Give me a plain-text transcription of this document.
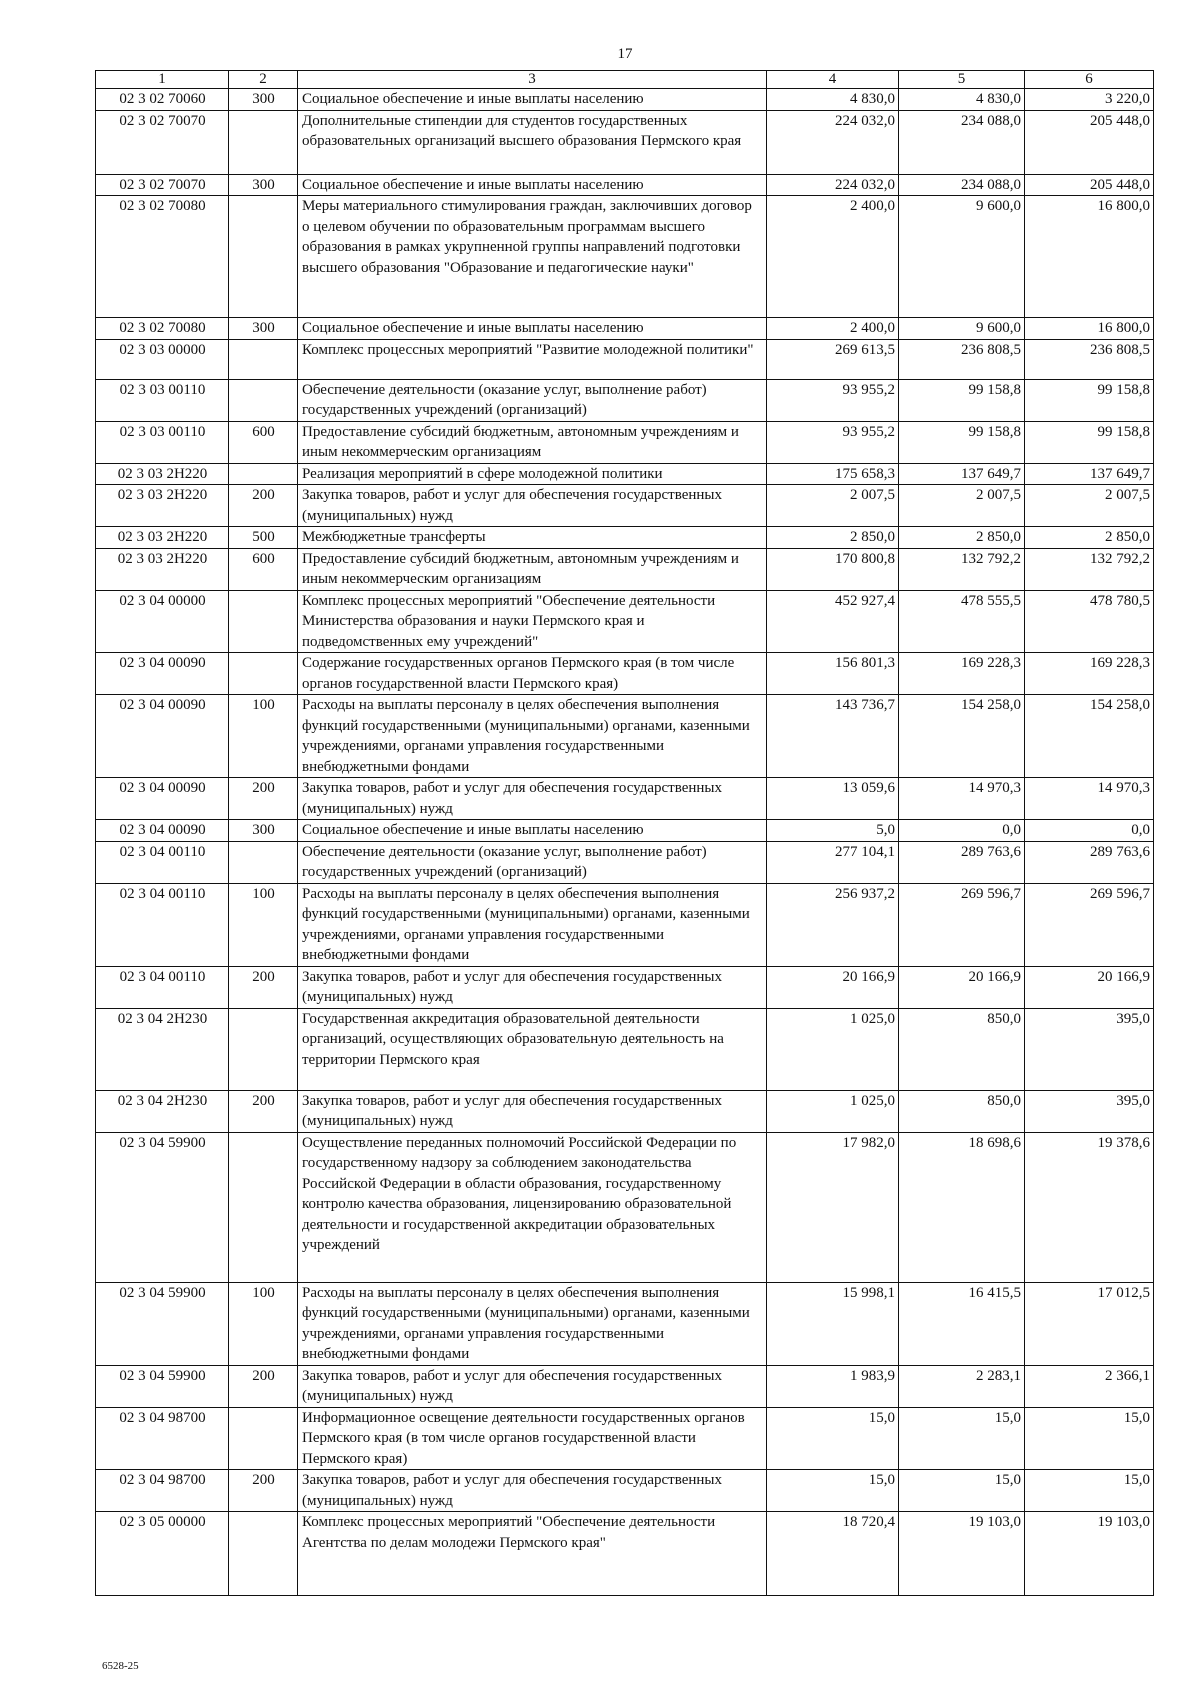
17
1	2	3	4	5	6
02 3 02 70060	300	Социальное обеспечение и иные выплаты населению	4 830,0	4 830,0	3 220,0
02 3 02 70070		Дополнительные стипендии для студентов государственных образовательных организаций высшего образования Пермского края	224 032,0	234 088,0	205 448,0
02 3 02 70070	300	Социальное обеспечение и иные выплаты населению	224 032,0	234 088,0	205 448,0
02 3 02 70080		Меры материального стимулирования граждан, заключивших договор о целевом обучении по образовательным программам высшего образования в рамках укрупненной группы направлений подготовки высшего образования "Образование и педагогические науки"	2 400,0	9 600,0	16 800,0
02 3 02 70080	300	Социальное обеспечение и иные выплаты населению	2 400,0	9 600,0	16 800,0
02 3 03 00000		Комплекс процессных мероприятий "Развитие молодежной политики"	269 613,5	236 808,5	236 808,5
02 3 03 00110		Обеспечение деятельности (оказание услуг, выполнение работ) государственных учреждений (организаций)	93 955,2	99 158,8	99 158,8
02 3 03 00110	600	Предоставление субсидий бюджетным, автономным учреждениям и иным некоммерческим организациям	93 955,2	99 158,8	99 158,8
02 3 03 2Н220		Реализация мероприятий в сфере молодежной политики	175 658,3	137 649,7	137 649,7
02 3 03 2Н220	200	Закупка товаров, работ и услуг для обеспечения государственных (муниципальных) нужд	2 007,5	2 007,5	2 007,5
02 3 03 2Н220	500	Межбюджетные трансферты	2 850,0	2 850,0	2 850,0
02 3 03 2Н220	600	Предоставление субсидий бюджетным, автономным учреждениям и иным некоммерческим организациям	170 800,8	132 792,2	132 792,2
02 3 04 00000		Комплекс процессных мероприятий "Обеспечение деятельности Министерства образования и науки Пермского края и подведомственных ему учреждений"	452 927,4	478 555,5	478 780,5
02 3 04 00090		Содержание государственных органов Пермского края (в том числе органов государственной власти Пермского края)	156 801,3	169 228,3	169 228,3
02 3 04 00090	100	Расходы на выплаты персоналу в целях обеспечения выполнения функций государственными (муниципальными) органами, казенными учреждениями, органами управления государственными внебюджетными фондами	143 736,7	154 258,0	154 258,0
02 3 04 00090	200	Закупка товаров, работ и услуг для обеспечения государственных (муниципальных) нужд	13 059,6	14 970,3	14 970,3
02 3 04 00090	300	Социальное обеспечение и иные выплаты населению	5,0	0,0	0,0
02 3 04 00110		Обеспечение деятельности (оказание услуг, выполнение работ) государственных учреждений (организаций)	277 104,1	289 763,6	289 763,6
02 3 04 00110	100	Расходы на выплаты персоналу в целях обеспечения выполнения функций государственными (муниципальными) органами, казенными учреждениями, органами управления государственными внебюджетными фондами	256 937,2	269 596,7	269 596,7
02 3 04 00110	200	Закупка товаров, работ и услуг для обеспечения государственных (муниципальных) нужд	20 166,9	20 166,9	20 166,9
02 3 04 2Н230		Государственная аккредитация образовательной деятельности организаций, осуществляющих образовательную деятельность на территории Пермского края	1 025,0	850,0	395,0
02 3 04 2Н230	200	Закупка товаров, работ и услуг для обеспечения государственных (муниципальных) нужд	1 025,0	850,0	395,0
02 3 04 59900		Осуществление переданных полномочий Российской Федерации по государственному надзору за соблюдением законодательства Российской Федерации в области образования, государственному контролю качества образования, лицензированию образовательной деятельности и государственной аккредитации образовательных учреждений	17 982,0	18 698,6	19 378,6
02 3 04 59900	100	Расходы на выплаты персоналу в целях обеспечения выполнения функций государственными (муниципальными) органами, казенными учреждениями, органами управления государственными внебюджетными фондами	15 998,1	16 415,5	17 012,5
02 3 04 59900	200	Закупка товаров, работ и услуг для обеспечения государственных (муниципальных) нужд	1 983,9	2 283,1	2 366,1
02 3 04 98700		Информационное освещение деятельности государственных органов Пермского края (в том числе органов государственной власти Пермского края)	15,0	15,0	15,0
02 3 04 98700	200	Закупка товаров, работ и услуг для обеспечения государственных (муниципальных) нужд	15,0	15,0	15,0
02 3 05 00000		Комплекс процессных мероприятий "Обеспечение деятельности Агентства по делам молодежи Пермского края"	18 720,4	19 103,0	19 103,0
6528-25
